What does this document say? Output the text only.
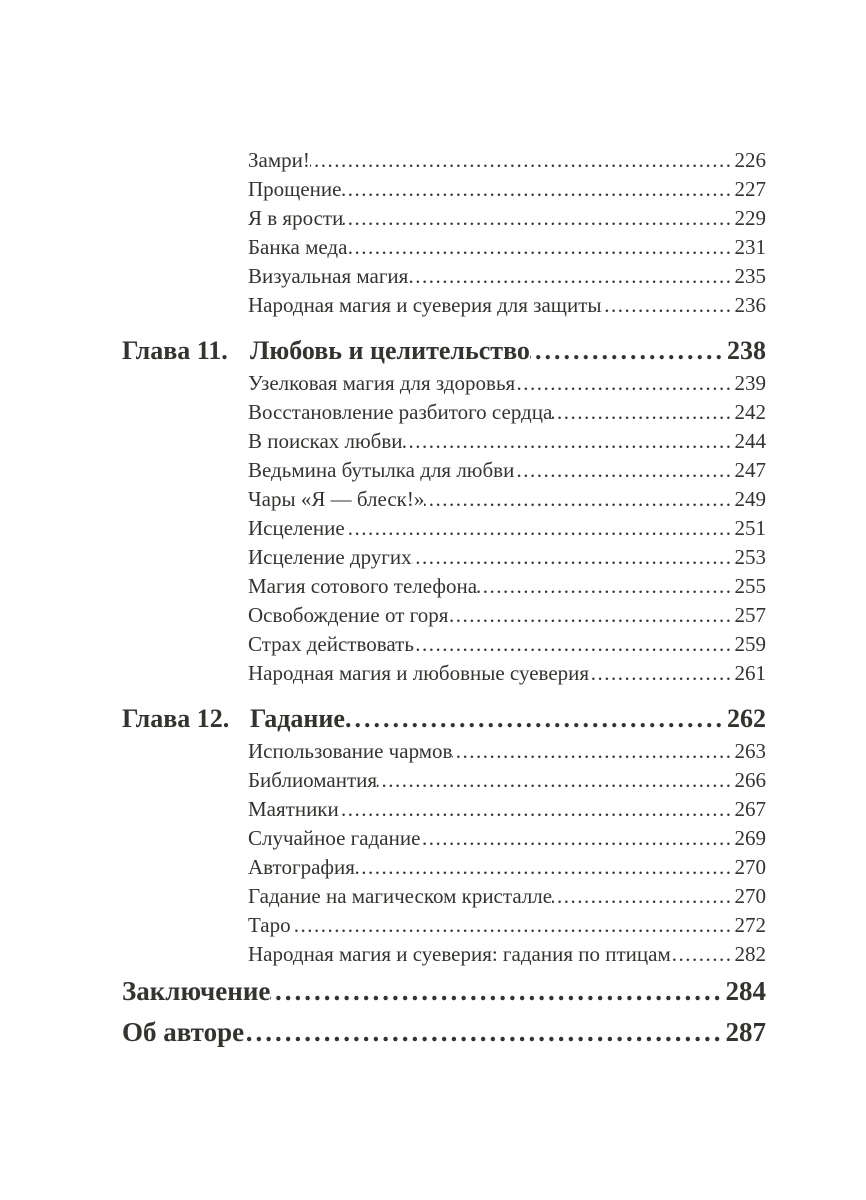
Замри! .....	226
Прощение .....	227
Я в ярости .....	229
Банка меда .....	231
Визуальная магия .....	235
Народная магия и суеверия для защиты .....	236
Глава 11. Любовь и целительство .....	238
Узелковая магия для здоровья .....	239
Восстановление разбитого сердца .....	242
В поисках любви .....	244
Ведьмина бутылка для любви .....	247
Чары «Я — блеск!» .....	249
Исцеление .....	251
Исцеление других .....	253
Магия сотового телефона .....	255
Освобождение от горя .....	257
Страх действовать .....	259
Народная магия и любовные суеверия .....	261
Глава 12. Гадание .....	262
Использование чармов .....	263
Библиомантия .....	266
Маятники .....	267
Случайное гадание .....	269
Автография .....	270
Гадание на магическом кристалле .....	270
Таро .....	272
Народная магия и суеверия: гадания по птицам .....	282
Заключение .....	284
Об авторе .....	287
